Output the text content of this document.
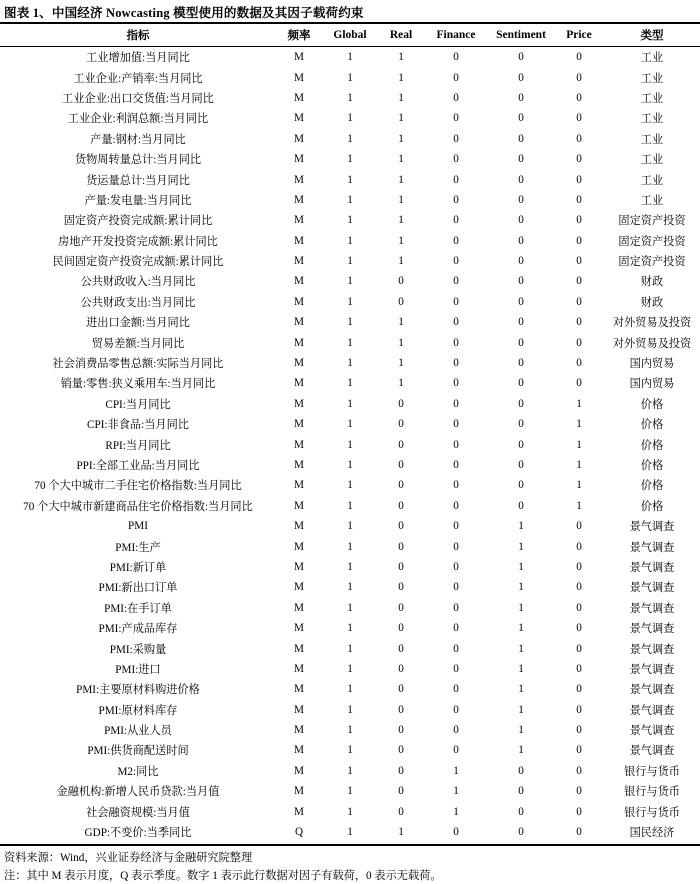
图表 1、中国经济 Nowcasting 模型使用的数据及其因子载荷约束
指标	频率	Global	Real	Finance	Sentiment	Price	类型
工业增加值:当月同比	M	1	1	0	0	0	工业
工业企业:产销率:当月同比	M	1	1	0	0	0	工业
工业企业:出口交货值:当月同比	M	1	1	0	0	0	工业
工业企业:利润总额:当月同比	M	1	1	0	0	0	工业
产量:钢材:当月同比	M	1	1	0	0	0	工业
货物周转量总计:当月同比	M	1	1	0	0	0	工业
货运量总计:当月同比	M	1	1	0	0	0	工业
产量:发电量:当月同比	M	1	1	0	0	0	工业
固定资产投资完成额:累计同比	M	1	1	0	0	0	固定资产投资
房地产开发投资完成额:累计同比	M	1	1	0	0	0	固定资产投资
民间固定资产投资完成额:累计同比	M	1	1	0	0	0	固定资产投资
公共财政收入:当月同比	M	1	0	0	0	0	财政
公共财政支出:当月同比	M	1	0	0	0	0	财政
进出口金额:当月同比	M	1	1	0	0	0	对外贸易及投资
贸易差额:当月同比	M	1	1	0	0	0	对外贸易及投资
社会消费品零售总额:实际当月同比	M	1	1	0	0	0	国内贸易
销量:零售:狭义乘用车:当月同比	M	1	1	0	0	0	国内贸易
CPI:当月同比	M	1	0	0	0	1	价格
CPI:非食品:当月同比	M	1	0	0	0	1	价格
RPI:当月同比	M	1	0	0	0	1	价格
PPI:全部工业品:当月同比	M	1	0	0	0	1	价格
70 个大中城市二手住宅价格指数:当月同比	M	1	0	0	0	1	价格
70 个大中城市新建商品住宅价格指数:当月同比	M	1	0	0	0	1	价格
PMI	M	1	0	0	1	0	景气调查
PMI:生产	M	1	0	0	1	0	景气调查
PMI:新订单	M	1	0	0	1	0	景气调查
PMI:新出口订单	M	1	0	0	1	0	景气调查
PMI:在手订单	M	1	0	0	1	0	景气调查
PMI:产成品库存	M	1	0	0	1	0	景气调查
PMI:采购量	M	1	0	0	1	0	景气调查
PMI:进口	M	1	0	0	1	0	景气调查
PMI:主要原材料购进价格	M	1	0	0	1	0	景气调查
PMI:原材料库存	M	1	0	0	1	0	景气调查
PMI:从业人员	M	1	0	0	1	0	景气调查
PMI:供货商配送时间	M	1	0	0	1	0	景气调查
M2:同比	M	1	0	1	0	0	银行与货币
金融机构:新增人民币贷款:当月值	M	1	0	1	0	0	银行与货币
社会融资规模:当月值	M	1	0	1	0	0	银行与货币
GDP:不变价:当季同比	Q	1	1	0	0	0	国民经济
资料来源：Wind，兴业证券经济与金融研究院整理
注：其中 M 表示月度，Q 表示季度。数字 1 表示此行数据对因子有载荷，0 表示无载荷。
